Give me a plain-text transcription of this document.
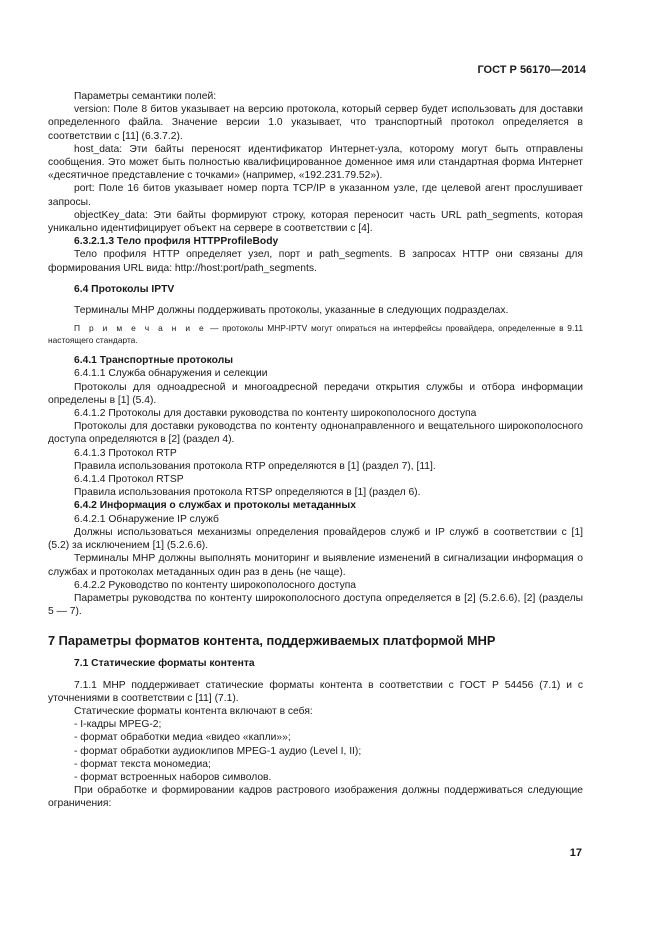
ГОСТ Р 56170—2014

Параметры семантики полей:

version: Поле 8 битов указывает на версию протокола, который сервер будет использовать для доставки определенного файла. Значение версии 1.0 указывает, что транспортный протокол определяется в соответствии с [11] (6.3.7.2).

host_data: Эти байты переносят идентификатор Интернет-узла, которому могут быть отправлены сообщения. Это может быть полностью квалифицированное доменное имя или стандартная форма Интернет «десятичное представление с точками» (например, «192.231.79.52»).

port: Поле 16 битов указывает номер порта TCP/IP в указанном узле, где целевой агент прослушивает запросы.

objectKey_data: Эти байты формируют строку, которая переносит часть URL path_segments, которая уникально идентифицирует объект на сервере в соответствии с [4].

6.3.2.1.3 Тело профиля HTTPProfileBody

Тело профиля HTTP определяет узел, порт и path_segments. В запросах HTTP они связаны для формирования URL вида: http://host:port/path_segments.

6.4 Протоколы IPTV

Терминалы MHP должны поддерживать протоколы, указанные в следующих подразделах.

П р и м е ч а н и е — протоколы MHP-IPTV могут опираться на интерфейсы провайдера, определенные в 9.11 настоящего стандарта.

6.4.1 Транспортные протоколы

6.4.1.1 Служба обнаружения и селекции

Протоколы для одноадресной и многоадресной передачи открытия службы и отбора информации определены в [1] (5.4).

6.4.1.2 Протоколы для доставки руководства по контенту широкополосного доступа

Протоколы для доставки руководства по контенту однонаправленного и вещательного широкополосного доступа определяются в [2] (раздел 4).

6.4.1.3 Протокол RTP

Правила использования протокола RTP определяются в [1] (раздел 7), [11].

6.4.1.4 Протокол RTSP

Правила использования протокола RTSP определяются в [1] (раздел 6).

6.4.2 Информация о службах и протоколы метаданных

6.4.2.1 Обнаружение IP служб

Должны использоваться механизмы определения провайдеров служб и IP служб в соответствии с [1] (5.2) за исключением [1] (5.2.6.6).

Терминалы MHP должны выполнять мониторинг и выявление изменений в сигнализации информация о службах и протоколах метаданных один раз в день (не чаще).

6.4.2.2 Руководство по контенту широкополосного доступа

Параметры руководства по контенту широкополосного доступа определяется в [2] (5.2.6.6), [2] (разделы 5 — 7).

7 Параметры форматов контента, поддерживаемых платформой MHP

7.1 Статические форматы контента

7.1.1 MHP поддерживает статические форматы контента в соответствии с ГОСТ Р 54456 (7.1) и с уточнениями в соответствии с [11] (7.1).

Статические форматы контента включают в себя:

- I-кадры MPEG-2;

- формат обработки медиа «видео «капли»»;

- формат обработки аудиоклипов MPEG-1 аудио (Level I, II);

- формат текста мономедиа;

- формат встроенных наборов символов.

При обработке и формировании кадров растрового изображения должны поддерживаться следующие ограничения:

17
